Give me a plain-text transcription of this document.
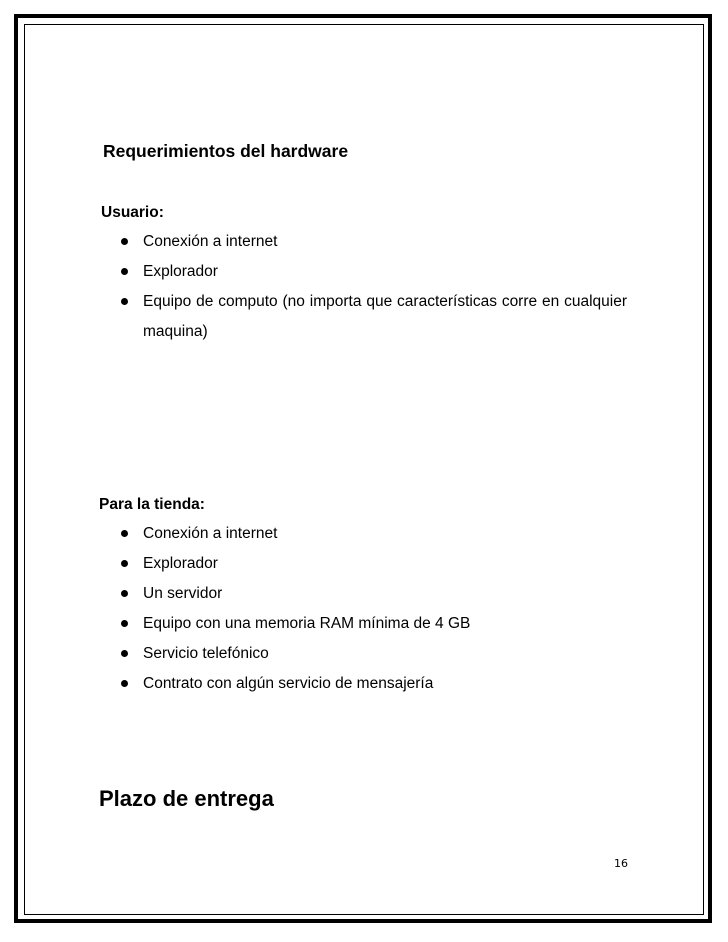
Requerimientos del hardware
Usuario:
Conexión a internet
Explorador
Equipo de computo (no importa que características corre en cualquier maquina)
Para la tienda:
Conexión a internet
Explorador
Un servidor
Equipo con una memoria RAM mínima de 4 GB
Servicio telefónico
Contrato con algún servicio de mensajería
Plazo de entrega
16
